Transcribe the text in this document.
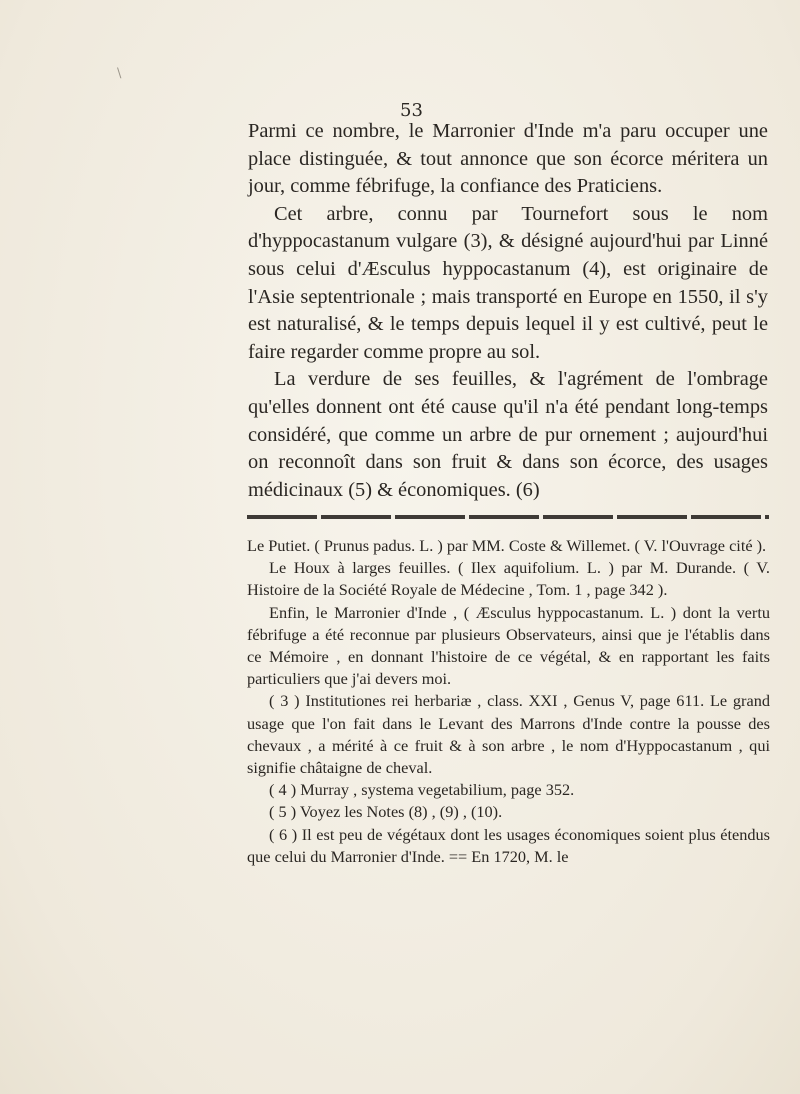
\
53

Parmi ce nombre, le Marronier d'Inde m'a paru occuper une place distinguée, & tout annonce que son écorce méritera un jour, comme fébrifuge, la confiance des Praticiens.

Cet arbre, connu par Tournefort sous le nom d'hyppocastanum vulgare (3), & désigné aujourd'hui par Linné sous celui d'Æsculus hyppocastanum (4), est originaire de l'Asie septentrionale ; mais transporté en Europe en 1550, il s'y est naturalisé, & le temps depuis lequel il y est cultivé, peut le faire regarder comme propre au sol.

La verdure de ses feuilles, & l'agrément de l'ombrage qu'elles donnent ont été cause qu'il n'a été pendant long-temps considéré, que comme un arbre de pur ornement ; aujourd'hui on reconnoît dans son fruit & dans son écorce, des usages médicinaux (5) & économiques. (6)

Le Putiet. ( Prunus padus. L. ) par MM. Coste & Willemet. ( V. l'Ouvrage cité ).

Le Houx à larges feuilles. ( Ilex aquifolium. L. ) par M. Durande. ( V. Histoire de la Société Royale de Médecine , Tom. 1 , page 342 ).

Enfin, le Marronier d'Inde , ( Æsculus hyppocastanum. L. ) dont la vertu fébrifuge a été reconnue par plusieurs Observateurs, ainsi que je l'établis dans ce Mémoire , en donnant l'histoire de ce végétal, & en rapportant les faits particuliers que j'ai devers moi.

( 3 ) Institutiones rei herbariæ , class. XXI , Genus V, page 611. Le grand usage que l'on fait dans le Levant des Marrons d'Inde contre la pousse des chevaux , a mérité à ce fruit & à son arbre , le nom d'Hyppocastanum , qui signifie châtaigne de cheval.

( 4 ) Murray , systema vegetabilium, page 352.

( 5 ) Voyez les Notes (8) , (9) , (10).

( 6 ) Il est peu de végétaux dont les usages économiques soient plus étendus que celui du Marronier d'Inde. == En 1720, M. le
